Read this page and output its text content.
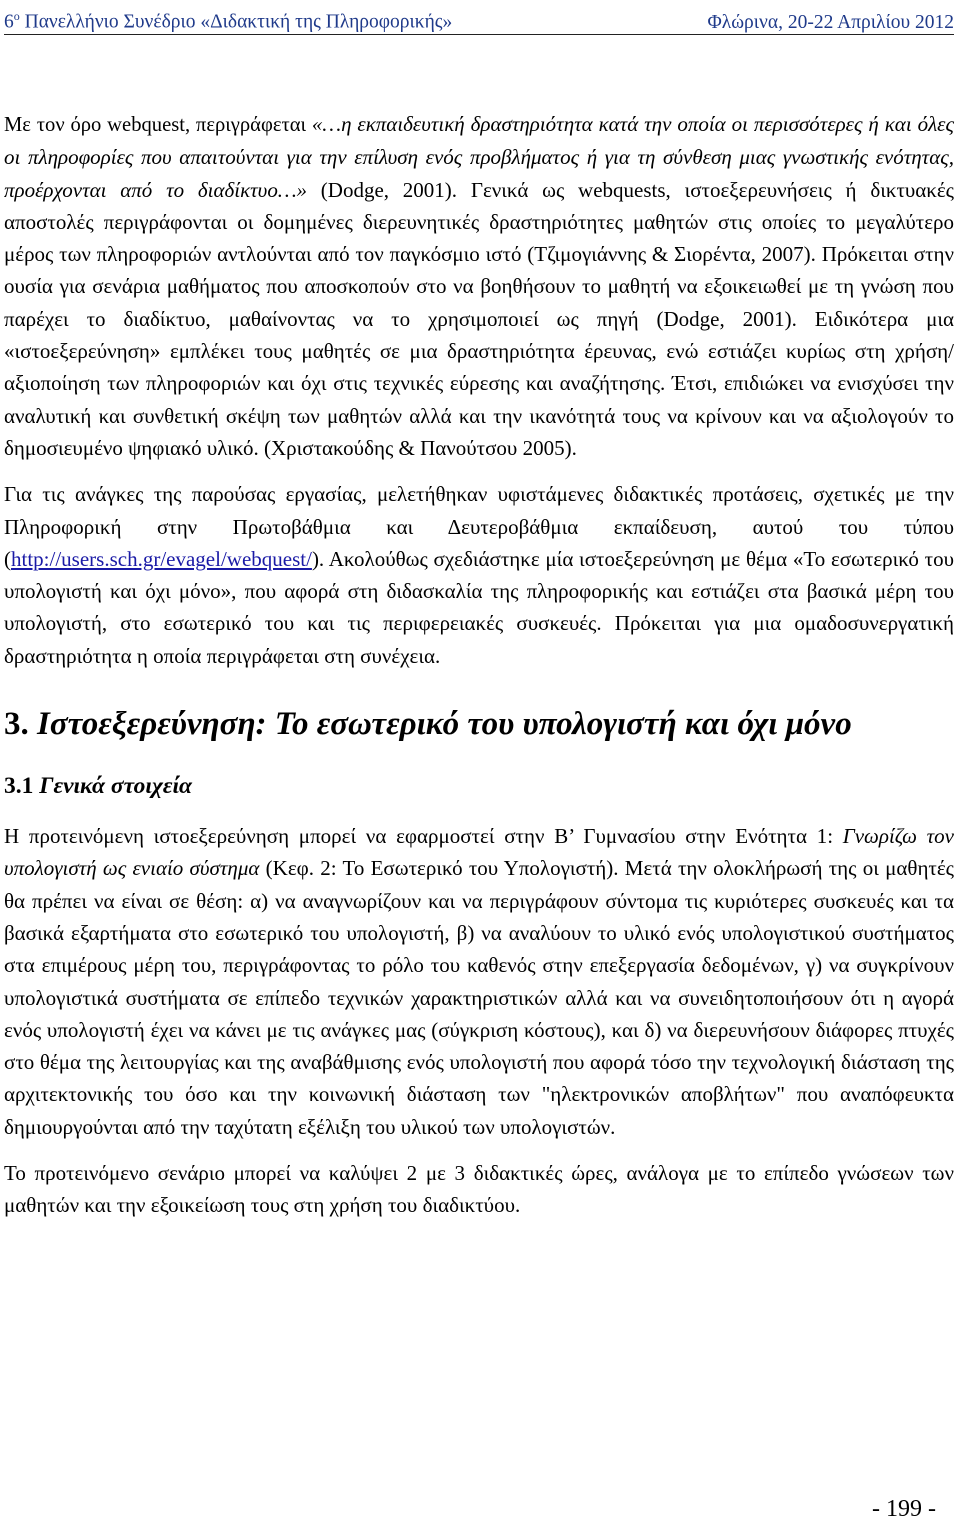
$6^o$ Πανελλήνιο Συνέδριο «Διδακτική της Πληροφορικής»	Φλώρινα, 20-22 Απριλίου 2012

Με τον όρο webquest, περιγράφεται «…η εκπαιδευτική δραστηριότητα κατά την οποία οι περισσότερες ή και όλες οι πληροφορίες που απαιτούνται για την επίλυση ενός προβλήματος ή για τη σύνθεση μιας γνωστικής ενότητας, προέρχονται από το διαδίκτυο…» (Dodge, 2001). Γενικά ως webquests, ιστοεξερευνήσεις ή δικτυακές αποστολές περιγράφονται οι δομημένες διερευνητικές δραστηριότητες μαθητών στις οποίες το μεγαλύτερο μέρος των πληροφοριών αντλούνται από τον παγκόσμιο ιστό (Τζιμογιάννης & Σιορέντα, 2007). Πρόκειται στην ουσία για σενάρια μαθήματος που αποσκοπούν στο να βοηθήσουν το μαθητή να εξοικειωθεί με τη γνώση που παρέχει το διαδίκτυο, μαθαίνοντας να το χρησιμοποιεί ως πηγή (Dodge, 2001). Ειδικότερα μια «ιστοεξερεύνηση» εμπλέκει τους μαθητές σε μια δραστηριότητα έρευνας, ενώ εστιάζει κυρίως στη χρήση/αξιοποίηση των πληροφοριών και όχι στις τεχνικές εύρεσης και αναζήτησης. Έτσι, επιδιώκει να ενισχύσει την αναλυτική και συνθετική σκέψη των μαθητών αλλά και την ικανότητά τους να κρίνουν και να αξιολογούν το δημοσιευμένο ψηφιακό υλικό. (Χριστακούδης & Πανούτσου 2005).

Για τις ανάγκες της παρούσας εργασίας, μελετήθηκαν υφιστάμενες διδακτικές προτάσεις, σχετικές με την Πληροφορική στην Πρωτοβάθμια και Δευτεροβάθμια εκπαίδευση, αυτού του τύπου (http://users.sch.gr/evagel/webquest/). Ακολούθως σχεδιάστηκε μία ιστοεξερεύνηση με θέμα «Το εσωτερικό του υπολογιστή και όχι μόνο», που αφορά στη διδασκαλία της πληροφορικής και εστιάζει στα βασικά μέρη του υπολογιστή, στο εσωτερικό του και τις περιφερειακές συσκευές. Πρόκειται για μια ομαδοσυνεργατική δραστηριότητα η οποία περιγράφεται στη συνέχεια.

3. Ιστοεξερεύνηση: Το εσωτερικό του υπολογιστή και όχι μόνο
3.1 Γενικά στοιχεία

Η προτεινόμενη ιστοεξερεύνηση μπορεί να εφαρμοστεί στην Β’ Γυμνασίου στην Ενότητα 1: Γνωρίζω τον υπολογιστή ως ενιαίο σύστημα (Κεφ. 2: Το Εσωτερικό του Υπολογιστή). Μετά την ολοκλήρωσή της οι μαθητές θα πρέπει να είναι σε θέση: α) να αναγνωρίζουν και να περιγράφουν σύντομα τις κυριότερες συσκευές και τα βασικά εξαρτήματα στο εσωτερικό του υπολογιστή, β) να αναλύουν το υλικό ενός υπολογιστικού συστήματος στα επιμέρους μέρη του, περιγράφοντας το ρόλο του καθενός στην επεξεργασία δεδομένων, γ) να συγκρίνουν υπολογιστικά συστήματα σε επίπεδο τεχνικών χαρακτηριστικών αλλά και να συνειδητοποιήσουν ότι η αγορά ενός υπολογιστή έχει να κάνει με τις ανάγκες μας (σύγκριση κόστους), και δ) να διερευνήσουν διάφορες πτυχές στο θέμα της λειτουργίας και της αναβάθμισης ενός υπολογιστή που αφορά τόσο την τεχνολογική διάσταση της αρχιτεκτονικής του όσο και την κοινωνική διάσταση των "ηλεκτρονικών αποβλήτων" που αναπόφευκτα δημιουργούνται από την ταχύτατη εξέλιξη του υλικού των υπολογιστών.

Το προτεινόμενο σενάριο μπορεί να καλύψει 2 με 3 διδακτικές ώρες, ανάλογα με το επίπεδο γνώσεων των μαθητών και την εξοικείωση τους στη χρήση του διαδικτύου.

- 199 -
